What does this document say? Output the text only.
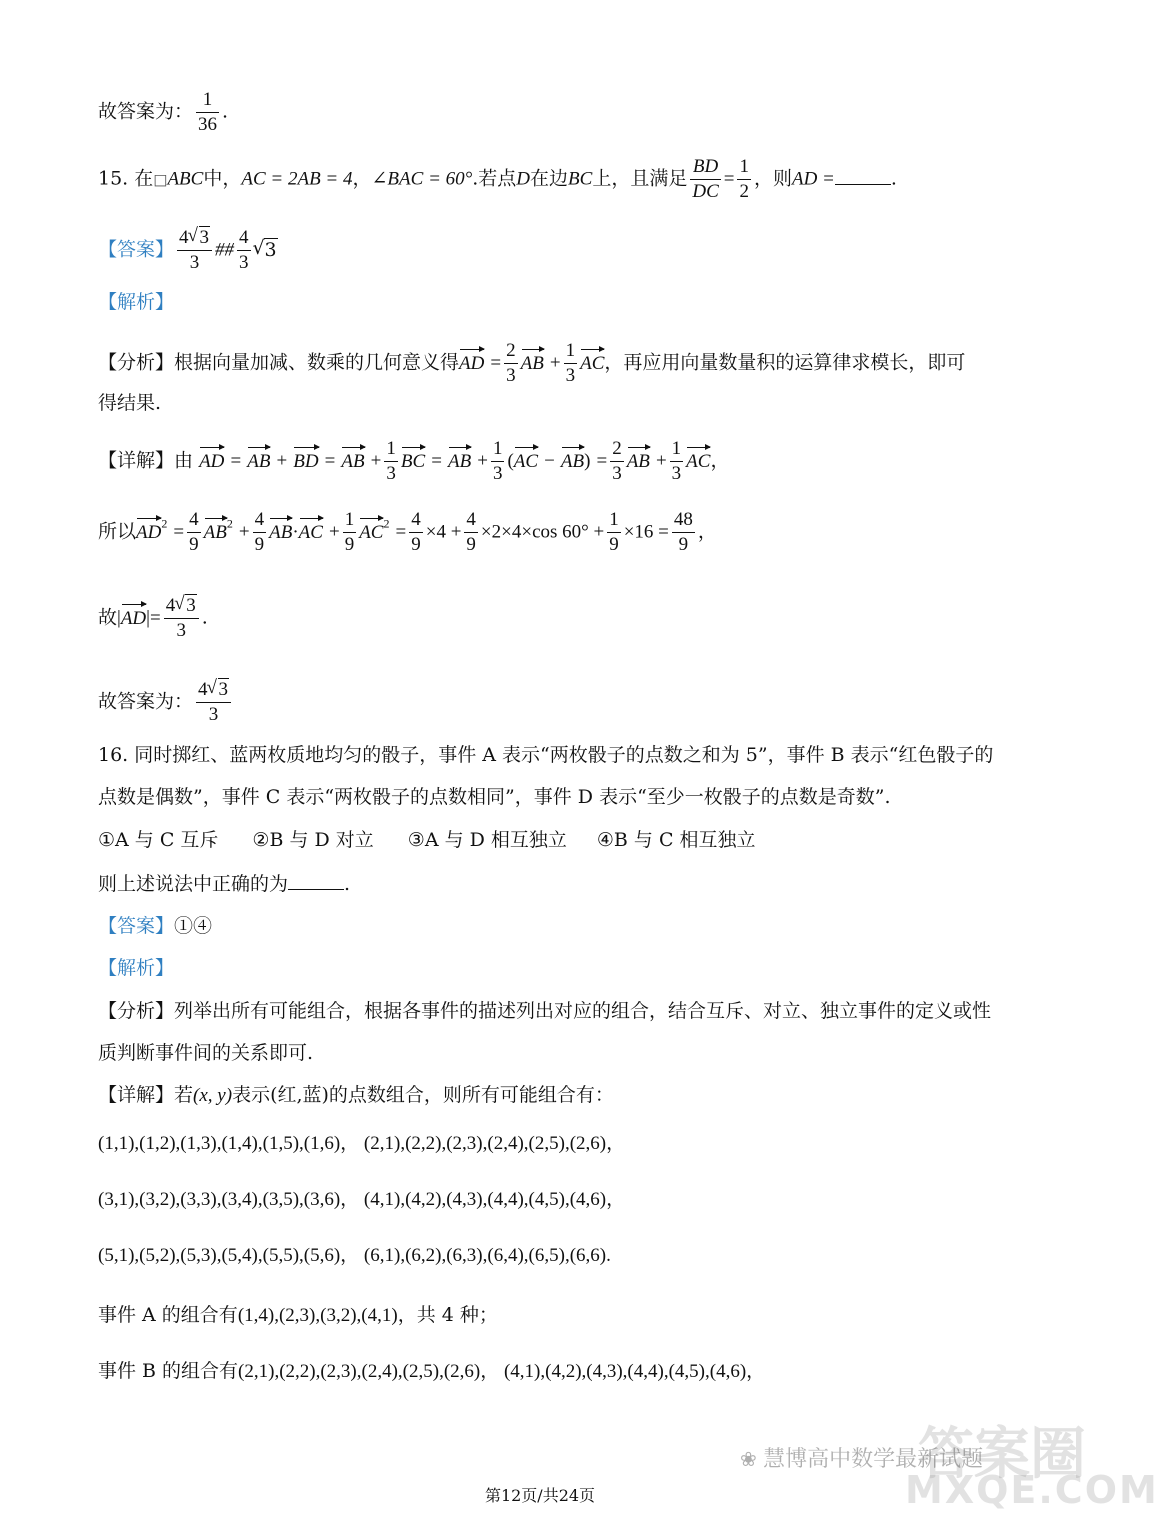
故答案为： $\frac{1}{36}$ .
15. 在□ABC中，AC = 2AB = 4，∠BAC = 60°.若点D在边BC上，且满足 $\frac{BD}{DC} = \frac{1}{2}$ ，则AD =	.
【答案】 $\frac{4 √ 3}{3}$ ## $\frac{4}{3}$ √ 3
【解析】
【分析】根据向量加减、数乘的几何意义得AD = $\frac{2}{3}$ AB + $\frac{1}{3}$ AC，再应用向量数量积的运算律求模长，即可
得结果.
【详解】由 AD = AB + BD = AB + $\frac{1}{3}$ BC = AB + $\frac{1}{3} (AC - AB) = \frac{2}{3}$ AB + $\frac{1}{3}$ AC，
所以$AD^2 = \frac{4}{9} AB^2 + \frac{4}{9} AB\cdot AC + \frac{1}{9} AC^2 = \frac{4}{9} \times 4 + \frac{4}{9} \times 2\times 4\times\cos$ $60^\circ + \frac{1}{9} \times 16 = \frac{48}{9}$ ，
故$|AD|= \frac{4 √ 3}{3}$ .
故答案为： $\frac{4 √ 3}{3}$
16. 同时掷红、蓝两枚质地均匀的骰子，事件 A 表示“两枚骰子的点数之和为 5”，事件 B 表示“红色骰子的
点数是偶数”，事件 C 表示“两枚骰子的点数相同”，事件 D 表示“至少一枚骰子的点数是奇数”.
①A 与 C 互斥 ②B 与 D 对立 ③A 与 D 相互独立 ④B 与 C 相互独立
则上述说法中正确的为	.
【答案】①④
【解析】
【分析】列举出所有可能组合，根据各事件的描述列出对应的组合，结合互斥、对立、独立事件的定义或性
质判断事件间的关系即可.
【详解】若(x, y)表示(红,蓝)的点数组合，则所有可能组合有：
(1,1),(1,2),(1,3),(1,4),(1,5),(1,6)， (2,1),(2,2),(2,3),(2,4),(2,5),(2,6)，
(3,1),(3,2),(3,3),(3,4),(3,5),(3,6)， (4,1),(4,2),(4,3),(4,4),(4,5),(4,6)，
(5,1),(5,2),(5,3),(5,4),(5,5),(5,6)， (6,1),(6,2),(6,3),(6,4),(6,5),(6,6).
事件 A 的组合有(1,4),(2,3),(3,2),(4,1)，共 4 种；
事件 B 的组合有(2,1),(2,2),(2,3),(2,4),(2,5),(2,6)， (4,1),(4,2),(4,3),(4,4),(4,5),(4,6)，
答案圈
MXQE.COM
❀ 慧博高中数学最新试题
第12页/共24页
